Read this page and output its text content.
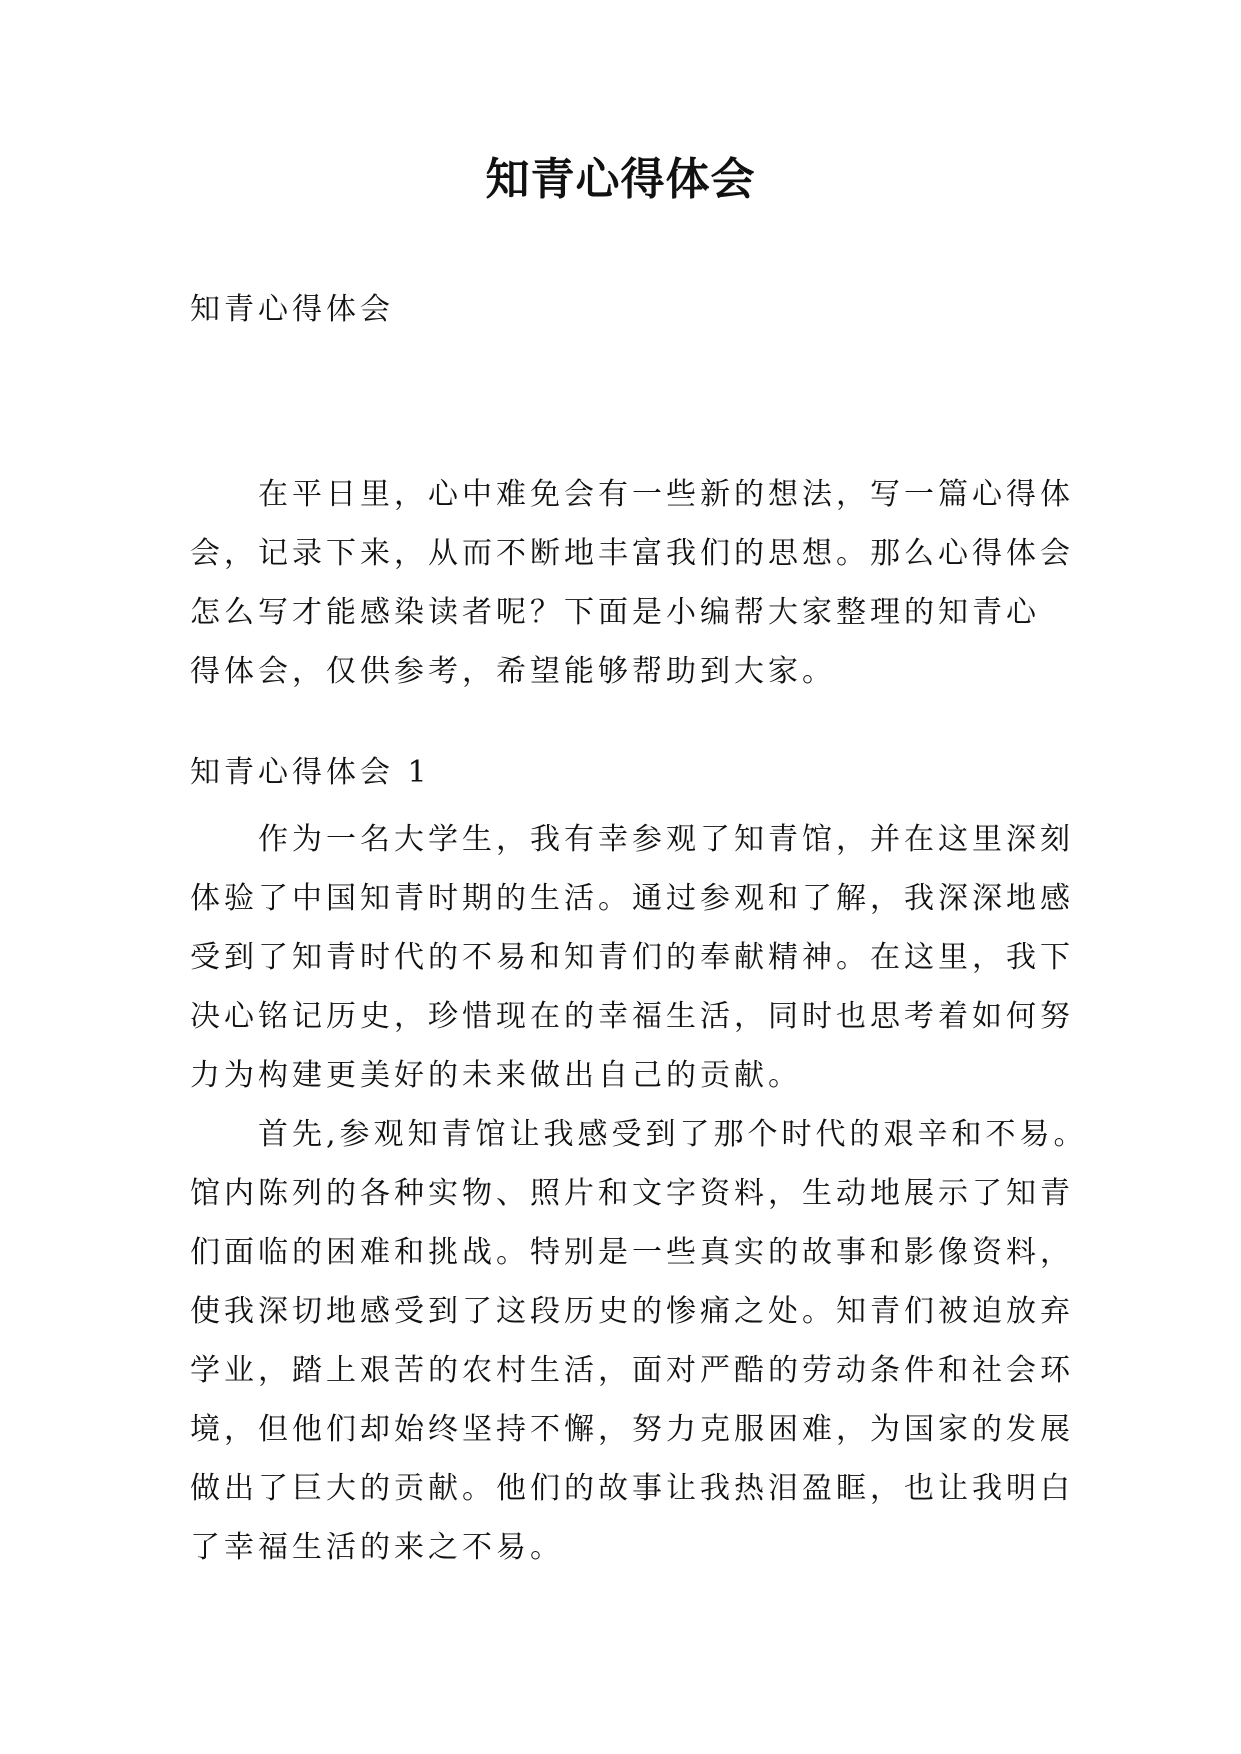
知青心得体会
知青心得体会
在平日里，心中难免会有一些新的想法，写一篇心得体
会，记录下来，从而不断地丰富我们的思想。那么心得体会
怎么写才能感染读者呢？下面是小编帮大家整理的知青心
得体会，仅供参考，希望能够帮助到大家。
知青心得体会 1
作为一名大学生，我有幸参观了知青馆，并在这里深刻
体验了中国知青时期的生活。通过参观和了解，我深深地感
受到了知青时代的不易和知青们的奉献精神。在这里，我下
决心铭记历史，珍惜现在的幸福生活，同时也思考着如何努
力为构建更美好的未来做出自己的贡献。
首先,参观知青馆让我感受到了那个时代的艰辛和不易。
馆内陈列的各种实物、照片和文字资料，生动地展示了知青
们面临的困难和挑战。特别是一些真实的故事和影像资料，
使我深切地感受到了这段历史的惨痛之处。知青们被迫放弃
学业，踏上艰苦的农村生活，面对严酷的劳动条件和社会环
境，但他们却始终坚持不懈，努力克服困难，为国家的发展
做出了巨大的贡献。他们的故事让我热泪盈眶，也让我明白
了幸福生活的来之不易。
